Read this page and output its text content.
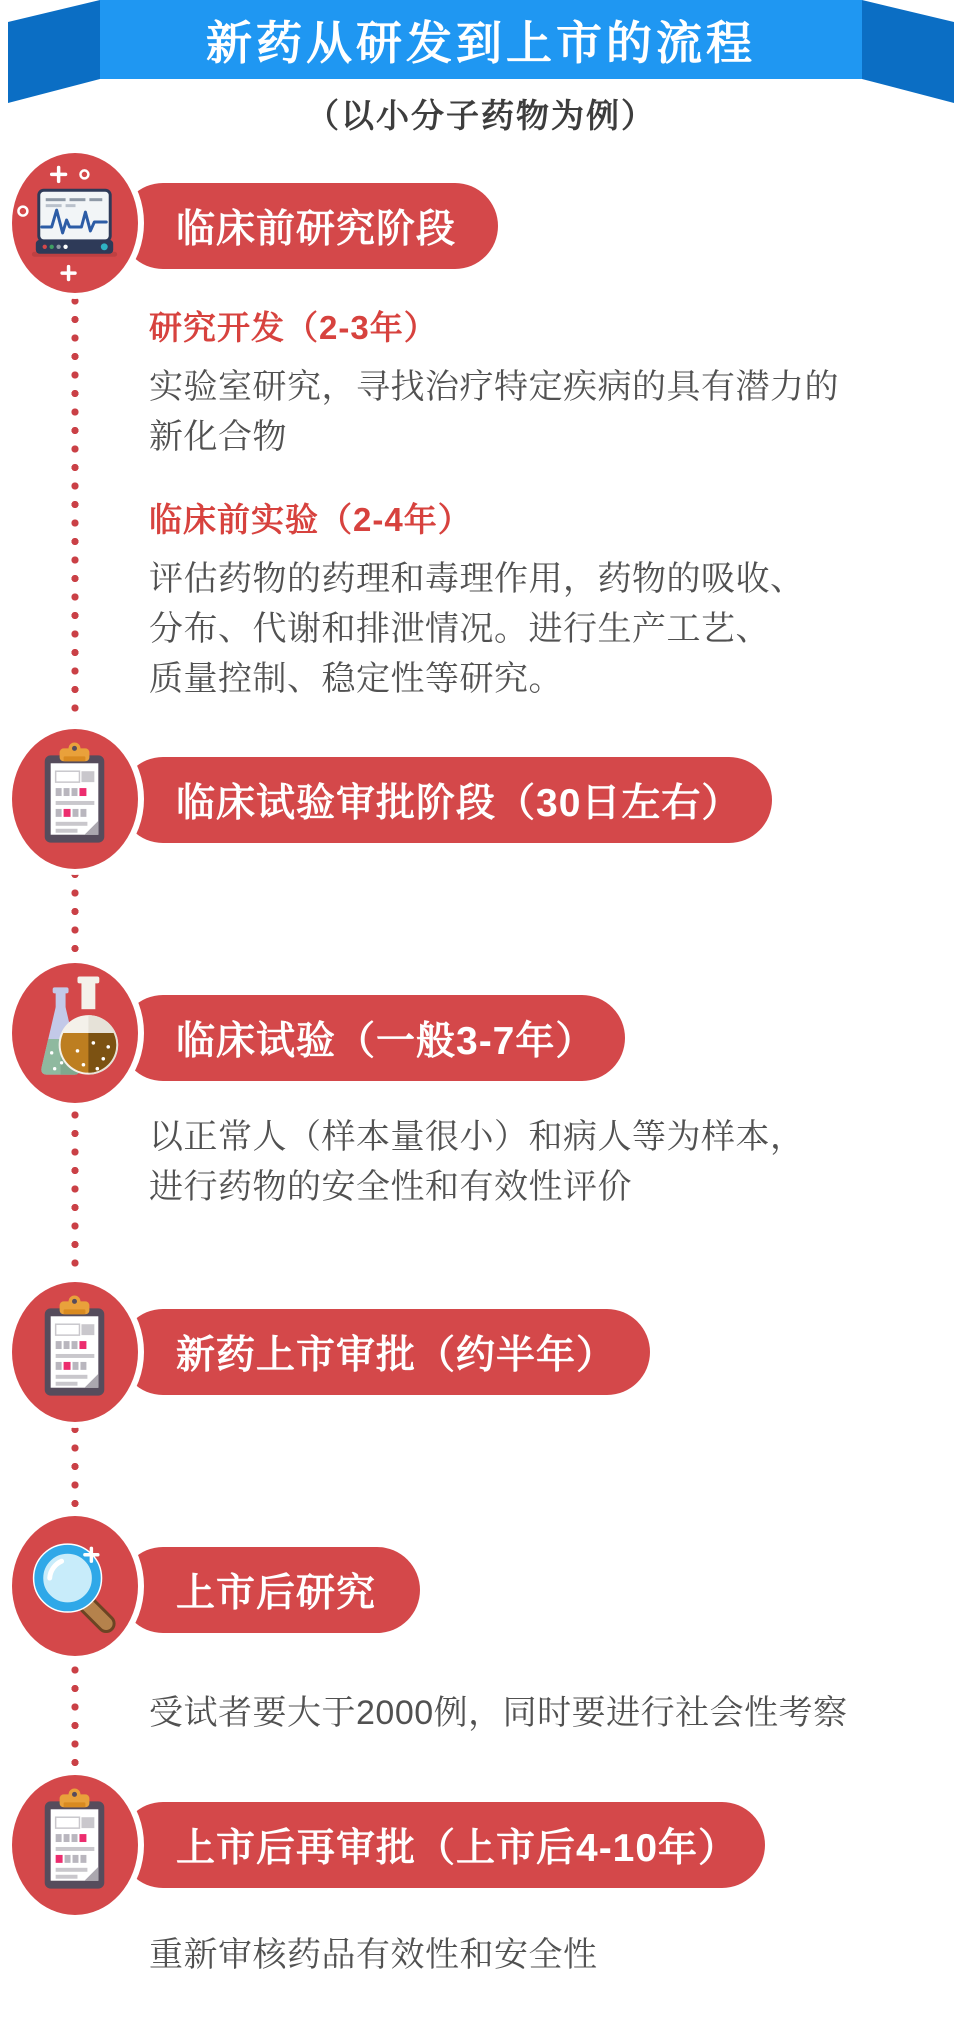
新药从研发到上市的流程
（以小分子药物为例）
临床前研究阶段
研究开发（2-3年）
实验室研究，寻找治疗特定疾病的具有潜力的
新化合物
临床前实验（2-4年）
评估药物的药理和毒理作用，药物的吸收、
分布、代谢和排泄情况。进行生产工艺、
质量控制、稳定性等研究。
临床试验审批阶段（30日左右）
临床试验（一般3-7年）
以正常人（样本量很小）和病人等为样本，
进行药物的安全性和有效性评价
新药上市审批（约半年）
上市后研究
受试者要大于2000例，同时要进行社会性考察
上市后再审批（上市后4-10年）
重新审核药品有效性和安全性
